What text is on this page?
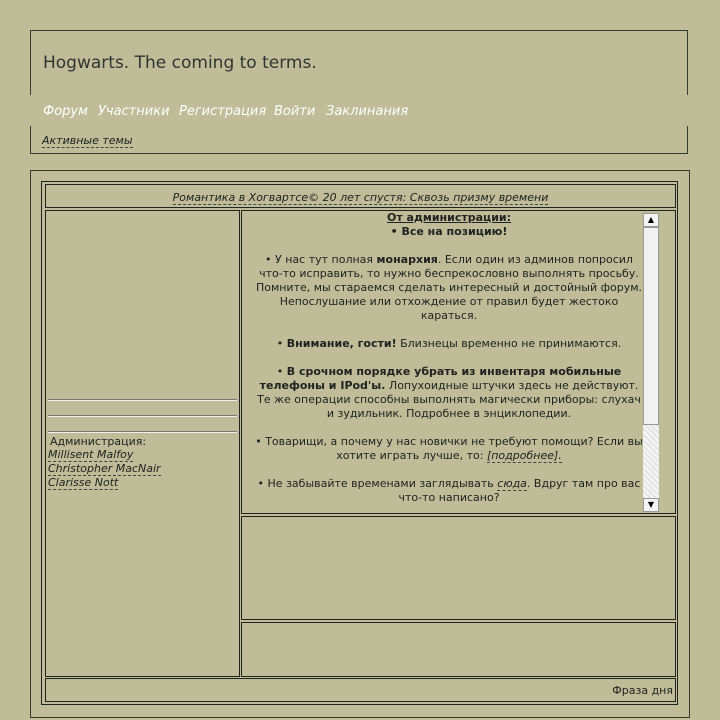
Hogwarts. The coming to terms.
Форум Участники Регистрация Войти Заклинания
Активные темы
Романтика в Хогвартсе© 20 лет спустя: Сквозь призму времени
Администрация:
Millisent Malfoy
Christopher MacNair
Clarisse Nott

От администрации:

• Все на позицию!

• У нас тут полная монархия. Если один из админов попросил что-то исправить, то нужно беспрекословно выполнять просьбу. Помните, мы стараемся сделать интересный и достойный форум. Непослушание или отхождение от правил будет жестоко караться.

• Внимание, гости! Близнецы временно не принимаются.

• В срочном порядке убрать из инвентаря мобильные телефоны и IPod'ы. Лопухоидные штучки здесь не действуют. Те же операции способны выполнять магически приборы: слухач и зудильник. Подробнее в энциклопедии.

• Товарищи, а почему у нас новички не требуют помощи? Если вы хотите играть лучше, то: [подробнее].

• Не забывайте временами заглядывать сюда. Вдруг там про вас что-то написано?

▲
▼
Фраза дня
